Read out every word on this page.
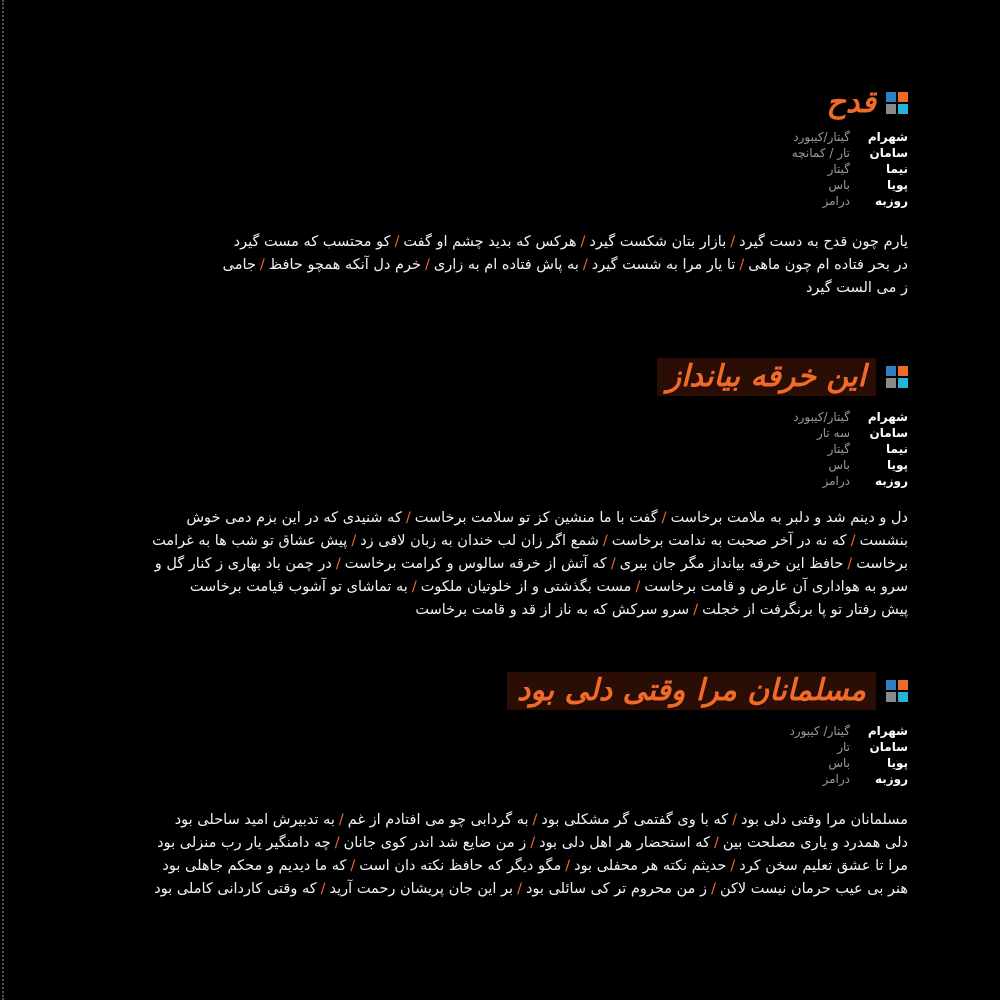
قدح
شهرام
گیتار/کیبورد
سامان
تار / کمانچه
نیما
گیتار
پویا
باس
روزبه
درامز
یارم چون قدح به دست گیرد/بازار بتان شکست گیرد/هرکس که بدید چشم او گفت/کو محتسب که مست گیرد
در بحر فتاده ام چون ماهی/تا یار مرا به شست گیرد/به پاش فتاده ام به زاری/خرم دل آنکه همچو حافظ/جامی
ز می الست گیرد
این خرقه بیانداز
شهرام
گیتار/کیبورد
سامان
سه تار
نیما
گیتار
پویا
باس
روزبه
درامز
دل و دینم شد و دلبر به ملامت برخاست/گفت با ما منشین کز تو سلامت برخاست/که شنیدی که در این بزم دمی خوش
بنشست/که نه در آخر صحبت به ندامت برخاست/شمع اگر زان لب خندان به زبان لافی زد/پیش عشاق تو شب ها به غرامت
برخاست/حافظ این خرقه بیانداز مگر جان ببری/که آتش از خرقه سالوس و کرامت برخاست/در چمن باد بهاری ز کنار گل و
سرو به هواداری آن عارض و قامت برخاست/مست بگذشتی و از خلوتیان ملکوت/به تماشای تو آشوب قیامت برخاست
پیش رفتار تو پا برنگرفت از خجلت/سرو سرکش که به ناز از قد و قامت برخاست
مسلمانان مرا وقتی دلی بود
شهرام
گیتار/ کیبورد
سامان
تار
پویا
باس
روزبه
درامز
مسلمانان مرا وقتی دلی بود/که با وی گفتمی گر مشکلی بود/به گردابی چو می افتادم از غم/به تدبیرش امید ساحلی بود
دلی همدرد و یاری مصلحت بین/که استحضار هر اهل دلی بود/ز من ضایع شد اندر کوی جانان/چه دامنگیر یار رب منزلی بود
مرا تا عشق تعلیم سخن کرد/حدیثم نکته هر محفلی بود/مگو دیگر که حافظ نکته دان است/که ما دیدیم و محکم جاهلی بود
هنر بی عیب حرمان نیست لاکن/ز من محروم تر کی سائلی بود/بر این جان پریشان رحمت آرید/که وقتی کاردانی کاملی بود
